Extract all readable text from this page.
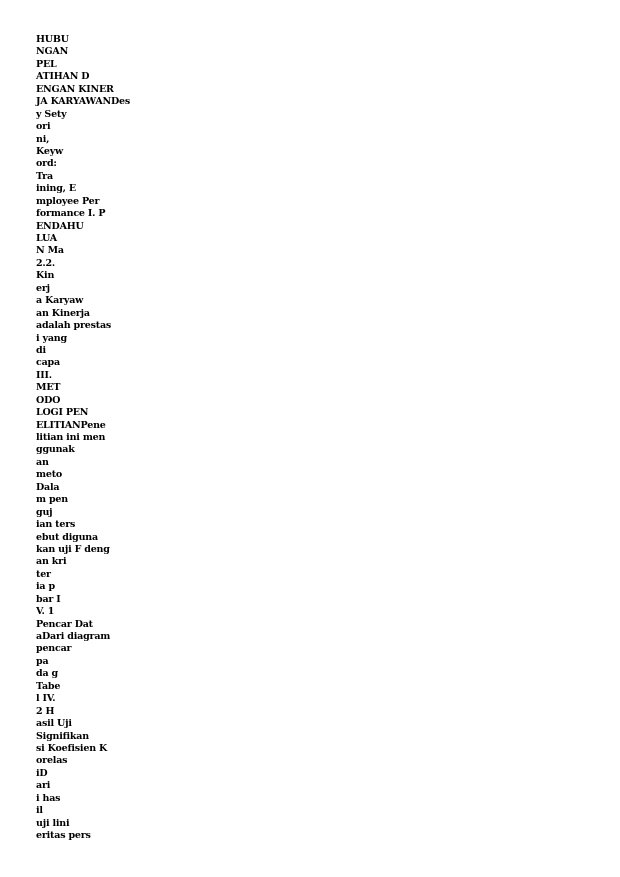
HUBU
NGAN
PEL
ATIHAN D
ENGAN KINER
JA KARYAWANDes
y Sety
ori
ni,
Keyw
ord:
Tra
ining, E
mployee Per
formance I. P
ENDAHU
LUA
N Ma
2.2.
Kin
erj
a Karyaw
an Kinerja
adalah prestas
i yang
di
capa
III.
MET
ODO
LOGI PEN
ELITIANPene
litian ini men
ggunak
an
meto
Dala
m pen
guj
ian ters
ebut diguna
kan uji F deng
an kri
ter
ia p
bar I
V. 1
Pencar Dat
aDari diagram
pencar
pa
da g
Tabe
l IV.
2 H
asil Uji
Signifikan
si Koefisien K
orelas
iD
ari
i has
il
uji lini
eritas pers
